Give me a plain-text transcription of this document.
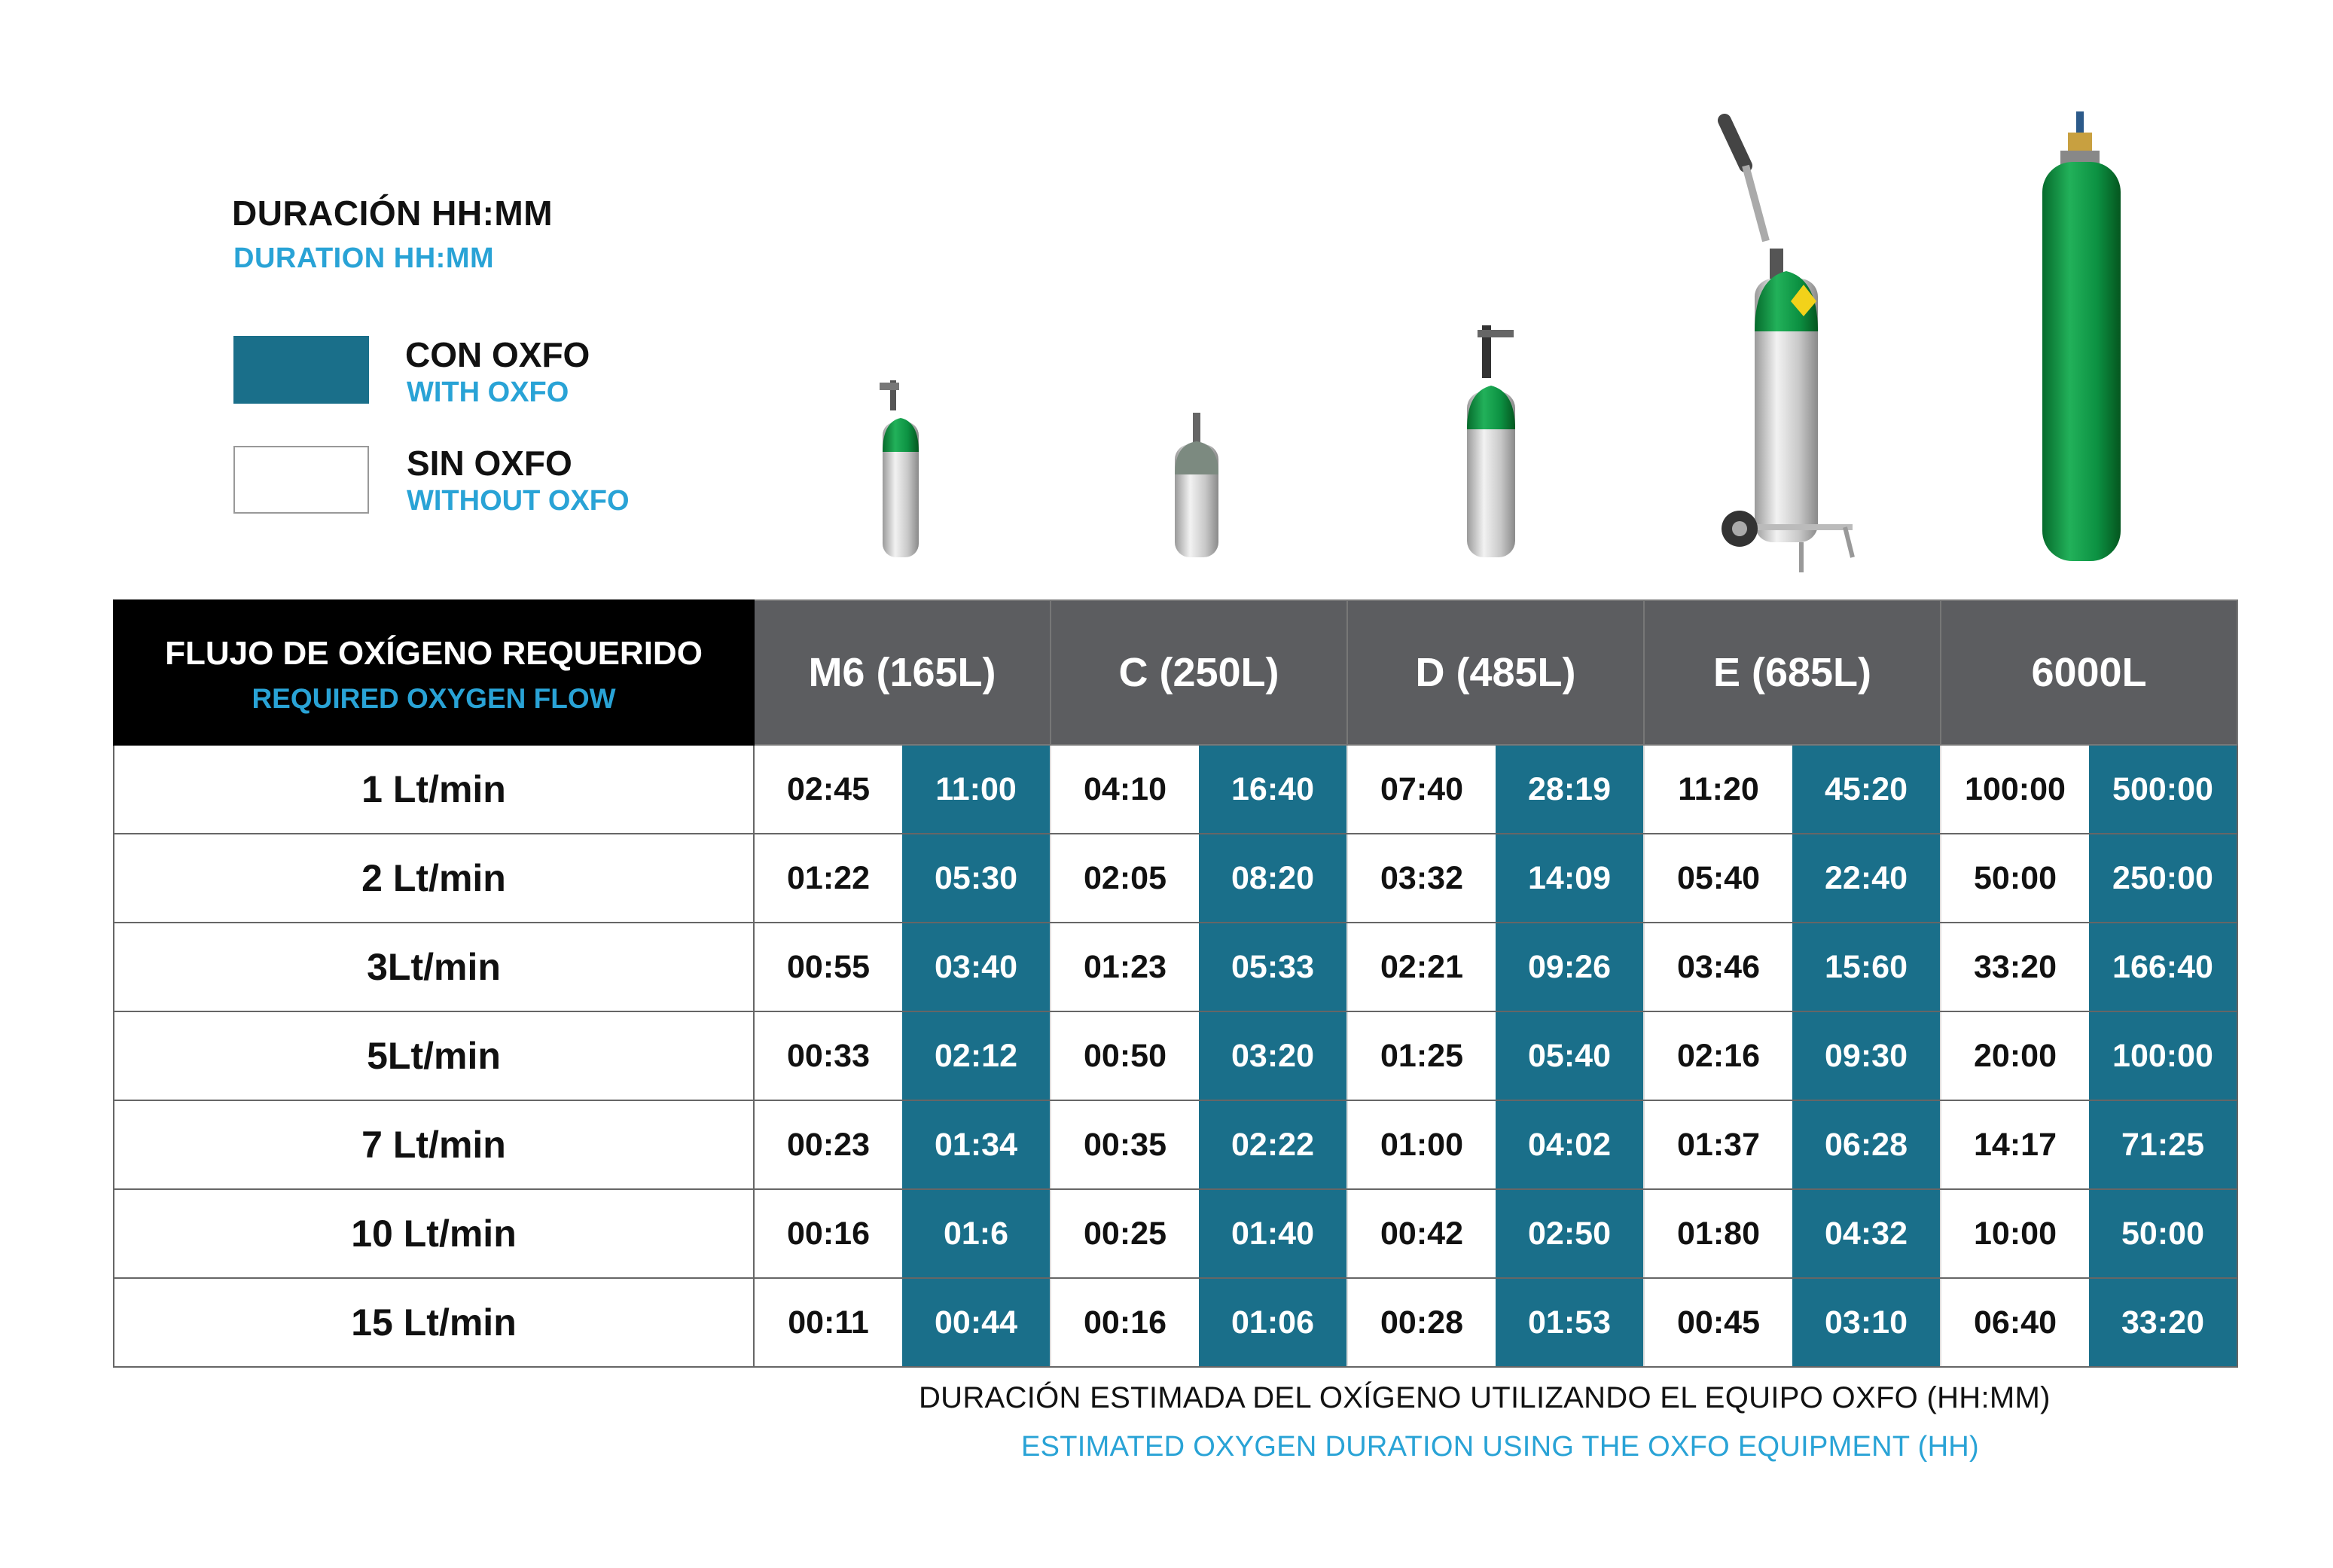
DURACIÓN HH:MM
DURATION HH:MM
CON OXFO
WITH OXFO
SIN OXFO
WITHOUT OXFO
FLUJO DE OXÍGENO REQUERIDO
REQUIRED OXYGEN FLOW	M6 (165L)		C (250L)		D (485L)		E (685L)		6000L	
1 Lt/min	02:45	11:00	04:10	16:40	07:40	28:19	11:20	45:20	100:00	500:00
2 Lt/min	01:22	05:30	02:05	08:20	03:32	14:09	05:40	22:40	50:00	250:00
3Lt/min	00:55	03:40	01:23	05:33	02:21	09:26	03:46	15:60	33:20	166:40
5Lt/min	00:33	02:12	00:50	03:20	01:25	05:40	02:16	09:30	20:00	100:00
7 Lt/min	00:23	01:34	00:35	02:22	01:00	04:02	01:37	06:28	14:17	71:25
10 Lt/min	00:16	01:6	00:25	01:40	00:42	02:50	01:80	04:32	10:00	50:00
15 Lt/min	00:11	00:44	00:16	01:06	00:28	01:53	00:45	03:10	06:40	33:20
DURACIÓN ESTIMADA DEL OXÍGENO UTILIZANDO EL EQUIPO OXFO (HH:MM)
ESTIMATED OXYGEN DURATION USING THE OXFO EQUIPMENT (HH)
